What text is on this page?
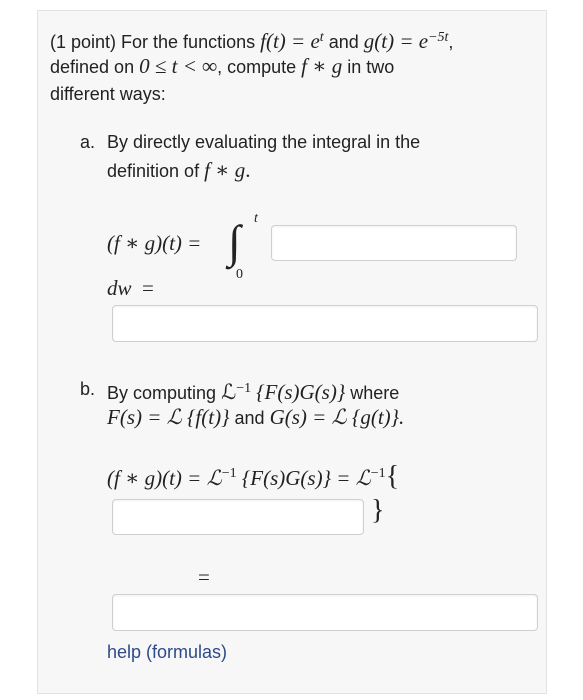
(1 point) For the functions $f(t) = e^t$ and $g(t) = e^{-5t}$,
defined on 0 ≤ t < ∞, compute f ∗ g in two
different ways:
a. By directly evaluating the integral in the
definition of f ∗ g.
(f ∗ g)(t) = ∫ t
0
dw =
b. By computing ℒ$^{-1}$ {F(s)G(s)} where
F(s) = ℒ {f(t)} and G(s) = ℒ {g(t)}.
(f ∗ g)(t) = ℒ$^{-1}$ {F(s)G(s)} = ℒ$^{-1}${
}
=
help (formulas)
